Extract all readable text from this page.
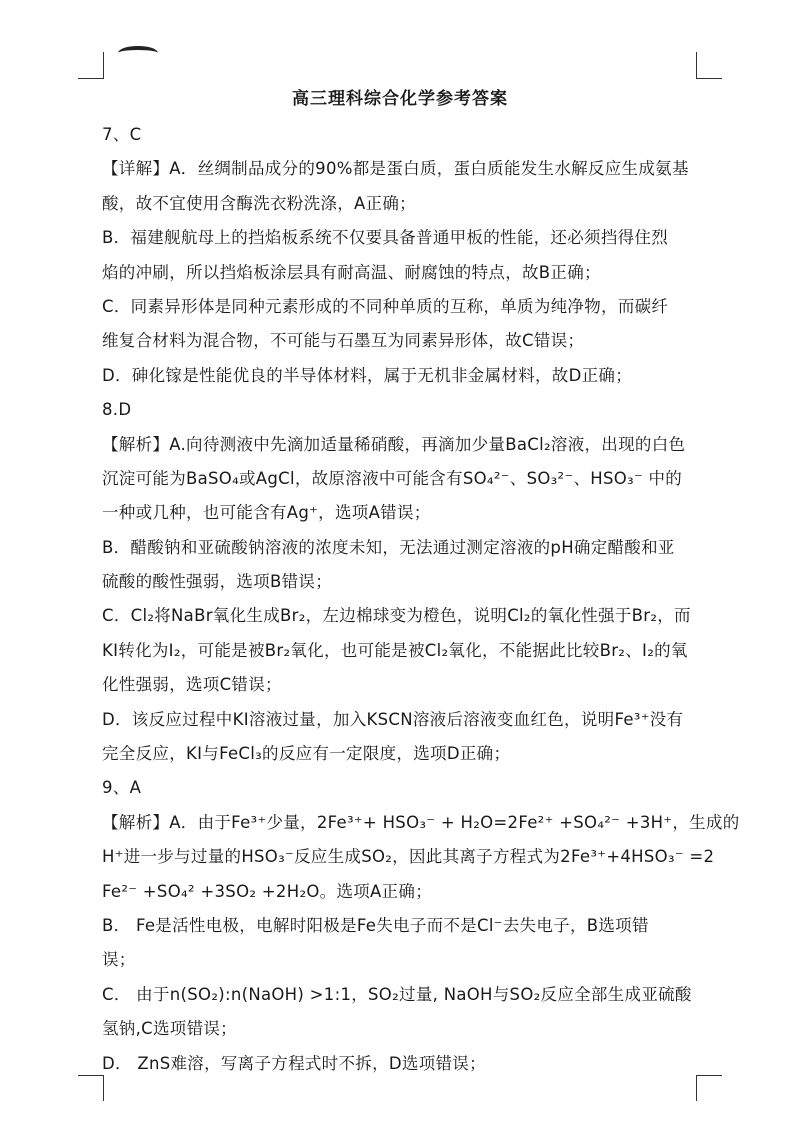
高三理科综合化学参考答案
7、C
【详解】A．丝绸制品成分的90%都是蛋白质，蛋白质能发生水解反应生成氨基
酸，故不宜使用含酶洗衣粉洗涤，A正确；
B．福建舰航母上的挡焰板系统不仅要具备普通甲板的性能，还必须挡得住烈
焰的冲刷，所以挡焰板涂层具有耐高温、耐腐蚀的特点，故B正确；
C．同素异形体是同种元素形成的不同种单质的互称，单质为纯净物，而碳纤
维复合材料为混合物，不可能与石墨互为同素异形体，故C错误；
D．砷化镓是性能优良的半导体材料，属于无机非金属材料，故D正确；
8.D
【解析】A.向待测液中先滴加适量稀硝酸，再滴加少量BaCl₂溶液，出现的白色
沉淀可能为BaSO₄或AgCl，故原溶液中可能含有SO₄²⁻、SO₃²⁻、HSO₃⁻ 中的
一种或几种，也可能含有Ag⁺，选项A错误；
B．醋酸钠和亚硫酸钠溶液的浓度未知，无法通过测定溶液的pH确定醋酸和亚
硫酸的酸性强弱，选项B错误；
C．Cl₂将NaBr氧化生成Br₂，左边棉球变为橙色，说明Cl₂的氧化性强于Br₂，而
KI转化为I₂，可能是被Br₂氧化，也可能是被Cl₂氧化，不能据此比较Br₂、I₂的氧
化性强弱，选项C错误；
D．该反应过程中KI溶液过量，加入KSCN溶液后溶液变血红色，说明Fe³⁺没有
完全反应，KI与FeCl₃的反应有一定限度，选项D正确；
9、A
【解析】A．由于Fe³⁺少量，2Fe³⁺+ HSO₃⁻ + H₂O=2Fe²⁺ +SO₄²⁻ +3H⁺，生成的
H⁺进一步与过量的HSO₃⁻反应生成SO₂，因此其离子方程式为2Fe³⁺+4HSO₃⁻ =2
Fe²⁻ +SO₄² +3SO₂ +2H₂O。选项A正确；
B． Fe是活性电极，电解时阳极是Fe失电子而不是Cl⁻去失电子，B选项错
误；
C． 由于n(SO₂):n(NaOH) >1:1，SO₂过量, NaOH与SO₂反应全部生成亚硫酸
氢钠,C选项错误；
D． ZnS难溶，写离子方程式时不拆，D选项错误；
